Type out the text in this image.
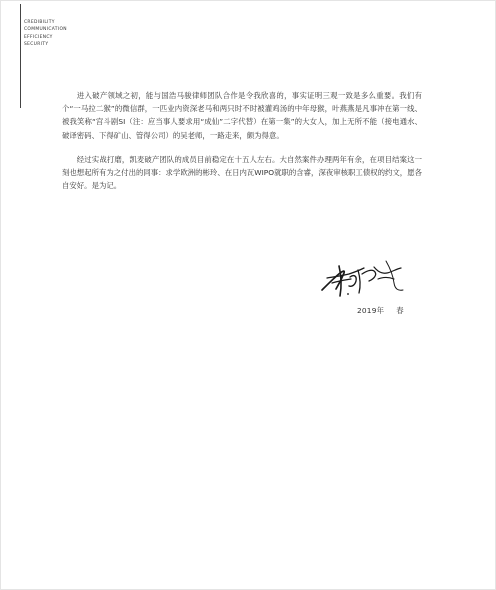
CREDIBILITY
COMMUNICATION
EFFICIENCY
SECURITY

进入破产领域之初，能与国浩马骏律师团队合作是令我欣喜的，事实证明三观一致是多么重要。我们有个“一马拉二猴”的微信群，一匹业内资深老马和两只时不时被灌鸡汤的中年母猴，叶燕燕是凡事冲在第一线、被我笑称“宫斗剧SI（注：应当事人要求用“成仙”二字代替）在第一集”的大女人，加上无所不能（接电通水、破译密码、下得矿山、管得公司）的吴老师，一路走来，颇为得意。

经过实战打磨，凯麦破产团队的成员目前稳定在十五人左右。大自然案件办理两年有余，在项目结案这一刻也想起所有为之付出的同事：求学欧洲的彬玲、在日内瓦WIPO就职的含睿，深夜审核职工债权的约文，愿各自安好。是为记。

2019年 春
